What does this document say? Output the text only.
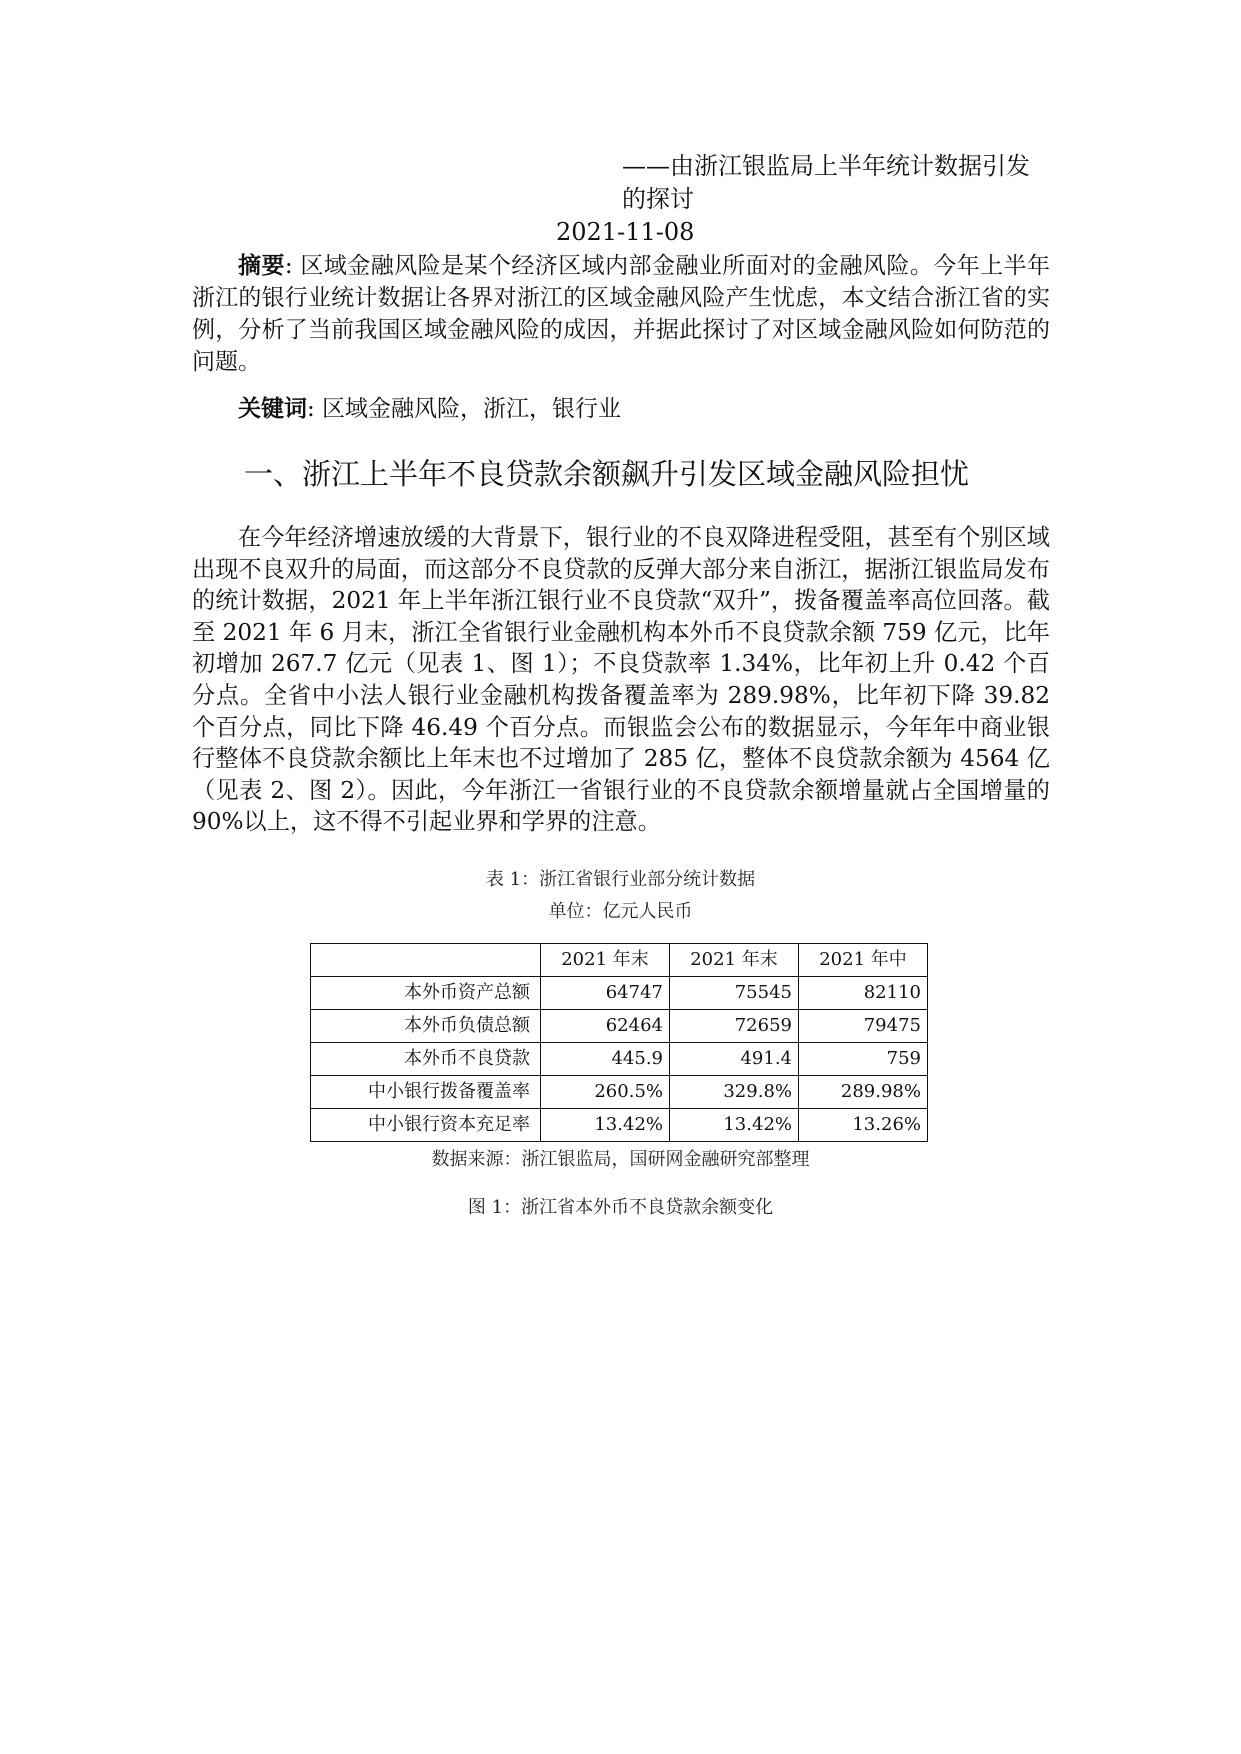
——由浙江银监局上半年统计数据引发的探讨
2021-11-08

摘要: 区域金融风险是某个经济区域内部金融业所面对的金融风险。今年上半年浙江的银行业统计数据让各界对浙江的区域金融风险产生忧虑，本文结合浙江省的实例，分析了当前我国区域金融风险的成因，并据此探讨了对区域金融风险如何防范的问题。

关键词: 区域金融风险，浙江，银行业
一、浙江上半年不良贷款余额飙升引发区域金融风险担忧

在今年经济增速放缓的大背景下，银行业的不良双降进程受阻，甚至有个别区域出现不良双升的局面，而这部分不良贷款的反弹大部分来自浙江，据浙江银监局发布的统计数据，2021 年上半年浙江银行业不良贷款“双升”，拨备覆盖率高位回落。截至 2021 年 6 月末，浙江全省银行业金融机构本外币不良贷款余额 759 亿元，比年初增加 267.7 亿元（见表 1、图 1）；不良贷款率 1.34%，比年初上升 0.42 个百分点。全省中小法人银行业金融机构拨备覆盖率为 289.98%，比年初下降 39.82 个百分点，同比下降 46.49 个百分点。而银监会公布的数据显示，今年年中商业银行整体不良贷款余额比上年末也不过增加了 285 亿，整体不良贷款余额为 4564 亿（见表 2、图 2）。因此，今年浙江一省银行业的不良贷款余额增量就占全国增量的 90%以上，这不得不引起业界和学界的注意。

表 1：浙江省银行业部分统计数据
单位：亿元人民币
	2021 年末	2021 年末	2021 年中
本外币资产总额	64747	75545	82110
本外币负债总额	62464	72659	79475
本外币不良贷款	445.9	491.4	759
中小银行拨备覆盖率	260.5%	329.8%	289.98%
中小银行资本充足率	13.42%	13.42%	13.26%
数据来源：浙江银监局，国研网金融研究部整理
图 1：浙江省本外币不良贷款余额变化
